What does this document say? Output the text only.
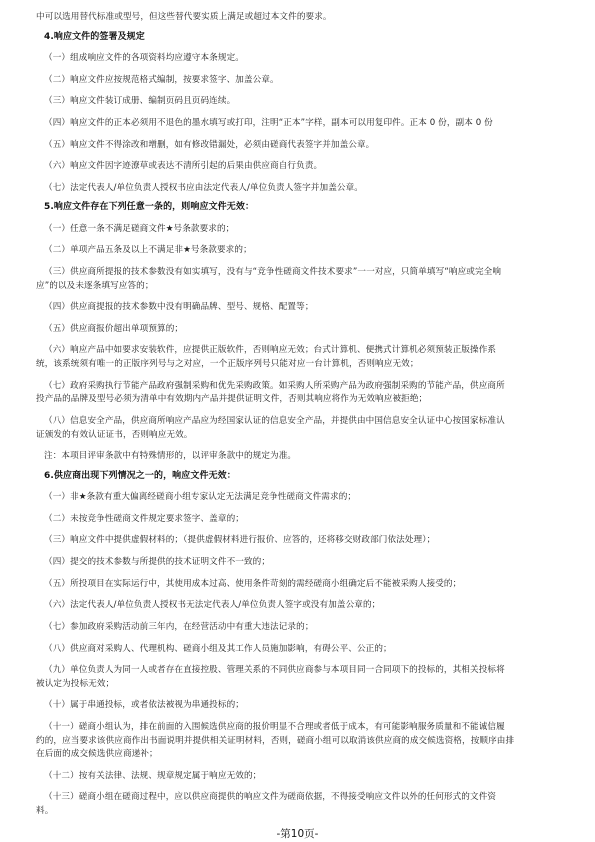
中可以选用替代标准或型号，但这些替代要实质上满足或超过本文件的要求。
4.响应文件的签署及规定
（一）组成响应文件的各项资料均应遵守本条规定。
（二）响应文件应按规范格式编制，按要求签字、加盖公章。
（三）响应文件装订成册、编制页码且页码连续。
（四）响应文件的正本必须用不退色的墨水填写或打印，注明“正本”字样，副本可以用复印件。正本 0 份，副本 0 份
（五）响应文件不得涂改和增删，如有修改错漏处，必须由磋商代表签字并加盖公章。
（六）响应文件因字迹潦草或表达不清所引起的后果由供应商自行负责。
（七）法定代表人/单位负责人授权书应由法定代表人/单位负责人签字并加盖公章。
5.响应文件存在下列任意一条的，则响应文件无效：
（一）任意一条不满足磋商文件★号条款要求的；
（二）单项产品五条及以上不满足非★号条款要求的；
（三）供应商所提报的技术参数没有如实填写，没有与“竞争性磋商文件技术要求”一一对应，只简单填写“响应或完全响
应”的以及未逐条填写应答的；
（四）供应商提报的技术参数中没有明确品牌、型号、规格、配置等；
（五）供应商报价超出单项预算的；
（六）响应产品中如要求安装软件，应提供正版软件，否则响应无效；台式计算机、便携式计算机必须预装正版操作系
统，该系统须有唯一的正版序列号与之对应，一个正版序列号只能对应一台计算机，否则响应无效；
（七）政府采购执行节能产品政府强制采购和优先采购政策。如采购人所采购产品为政府强制采购的节能产品，供应商所
投产品的品牌及型号必须为清单中有效期内产品并提供证明文件，否则其响应将作为无效响应被拒绝；
（八）信息安全产品，供应商所响应产品应为经国家认证的信息安全产品，并提供由中国信息安全认证中心按国家标准认
证颁发的有效认证证书，否则响应无效。
注：本项目评审条款中有特殊情形的，以评审条款中的规定为准。
6.供应商出现下列情况之一的，响应文件无效：
（一）非★条款有重大偏离经磋商小组专家认定无法满足竞争性磋商文件需求的；
（二）未按竞争性磋商文件规定要求签字、盖章的；
（三）响应文件中提供虚假材料的；（提供虚假材料进行报价、应答的，还将移交财政部门依法处理）；
（四）提交的技术参数与所提供的技术证明文件不一致的；
（五）所投项目在实际运行中，其使用成本过高、使用条件苛刻的需经磋商小组确定后不能被采购人接受的；
（六）法定代表人/单位负责人授权书无法定代表人/单位负责人签字或没有加盖公章的；
（七）参加政府采购活动前三年内，在经营活动中有重大违法记录的；
（八）供应商对采购人、代理机构、磋商小组及其工作人员施加影响，有碍公平、公正的；
（九）单位负责人为同一人或者存在直接控股、管理关系的不同供应商参与本项目同一合同项下的投标的，其相关投标将
被认定为投标无效；
（十）属于串通投标，或者依法被视为串通投标的；
（十一）磋商小组认为，排在前面的入围候选供应商的报价明显不合理或者低于成本，有可能影响服务质量和不能诚信履
约的，应当要求该供应商作出书面说明并提供相关证明材料，否则，磋商小组可以取消该供应商的成交候选资格，按顺序由排
在后面的成交候选供应商递补；
（十二）按有关法律、法规、规章规定属于响应无效的；
（十三）磋商小组在磋商过程中，应以供应商提供的响应文件为磋商依据，不得接受响应文件以外的任何形式的文件资
料。
-第10页-
